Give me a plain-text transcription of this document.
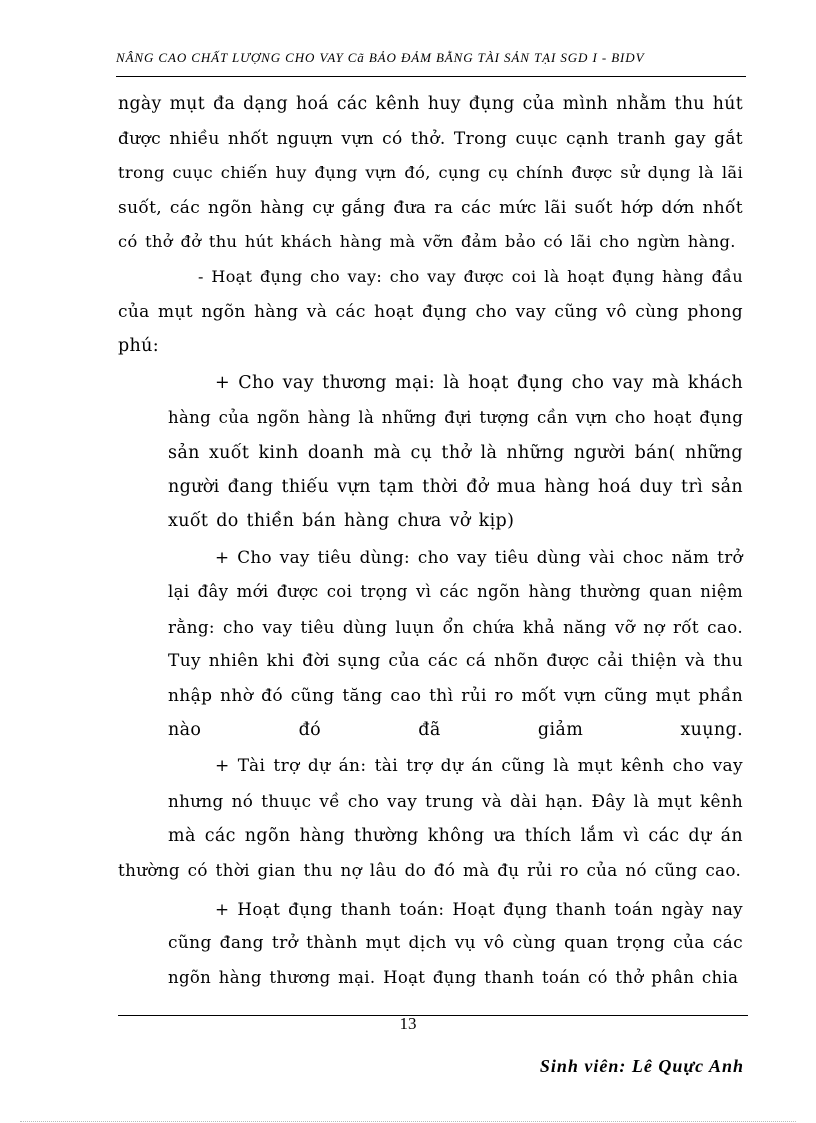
NÂNG CAO CHẤT LƯỢNG CHO VAY Cã BẢO ĐẢM BẰNG TÀI SẢN TẠI SGD I - BIDV
ngày mụt đa dạng hoá các kênh huy đụng của mình nhằm thu hút
được nhiều nhốt nguựn vựn có thở. Trong cuục cạnh tranh gay gắt
trong cuục chiến huy đụng vựn đó, cụng cụ chính được sử dụng là lãi
suốt, các ngõn hàng cự gắng đưa ra các mức lãi suốt hớp dớn nhốt
có thở đở thu hút khách hàng mà vỡn đảm bảo có lãi cho ngừn hàng.
- Hoạt đụng cho vay: cho vay được coi là hoạt đụng hàng đầu
của mụt ngõn hàng và các hoạt đụng cho vay cũng vô cùng phong
phú:
+ Cho vay thương mại: là hoạt đụng cho vay mà khách
hàng của ngõn hàng là những đựi tượng cần vựn cho hoạt đụng
sản xuốt kinh doanh mà cụ thở là những người bán( những
người đang thiếu vựn tạm thời đở mua hàng hoá duy trì sản
xuốt do thiền bán hàng chưa vở kịp)
+ Cho vay tiêu dùng: cho vay tiêu dùng vài choc năm trở
lại đây mới được coi trọng vì các ngõn hàng thường quan niệm
rằng: cho vay tiêu dùng luụn ổn chứa khả năng vỡ nợ rốt cao.
Tuy nhiên khi đời sụng của các cá nhõn được cải thiện và thu
nhập nhờ đó cũng tăng cao thì rủi ro mốt vựn cũng mụt phần
nào đó đã giảm xuụng.
+ Tài trợ dự án: tài trợ dự án cũng là mụt kênh cho vay
nhưng nó thuục về cho vay trung và dài hạn. Đây là mụt kênh
mà các ngõn hàng thường không ưa thích lắm vì các dự án
thường có thời gian thu nợ lâu do đó mà đụ rủi ro của nó cũng cao.
+ Hoạt đụng thanh toán: Hoạt đụng thanh toán ngày nay
cũng đang trở thành mụt dịch vụ vô cùng quan trọng của các
ngõn hàng thương mại. Hoạt đụng thanh toán có thở phân chia
13
Sinh viên: Lê Quực Anh
